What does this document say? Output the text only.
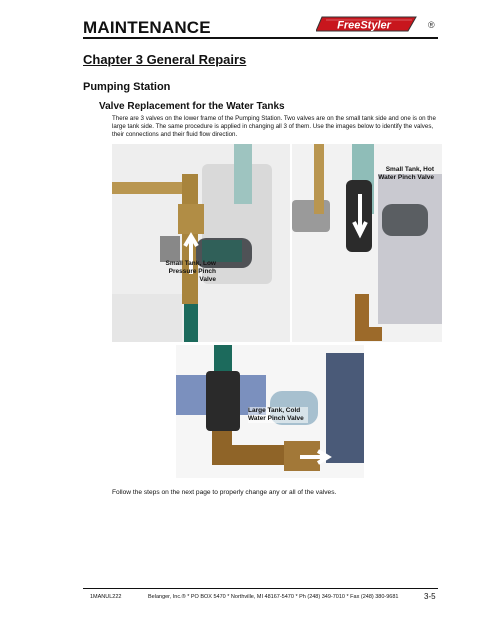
MAINTENANCE	FreeStyler	®
Chapter 3 General Repairs
Pumping Station
Valve Replacement for the Water Tanks
There are 3 valves on the lower frame of the Pumping Station. Two valves are on the small tank side and one is on the large tank side. The same procedure is applied in changing all 3 of them. Use the images below to identify the valves, their connections and their fluid flow direction.
Small Tank, Low Pressure Pinch Valve
Small Tank, Hot Water Pinch Valve
Large Tank, Cold Water Pinch Valve
Follow the steps on the next page to properly change any or all of the valves.
1MANUL222	Belanger, Inc.® * PO BOX 5470 * Northville, MI 48167-5470 * Ph (248) 349-7010 * Fax (248) 380-9681	3-5
